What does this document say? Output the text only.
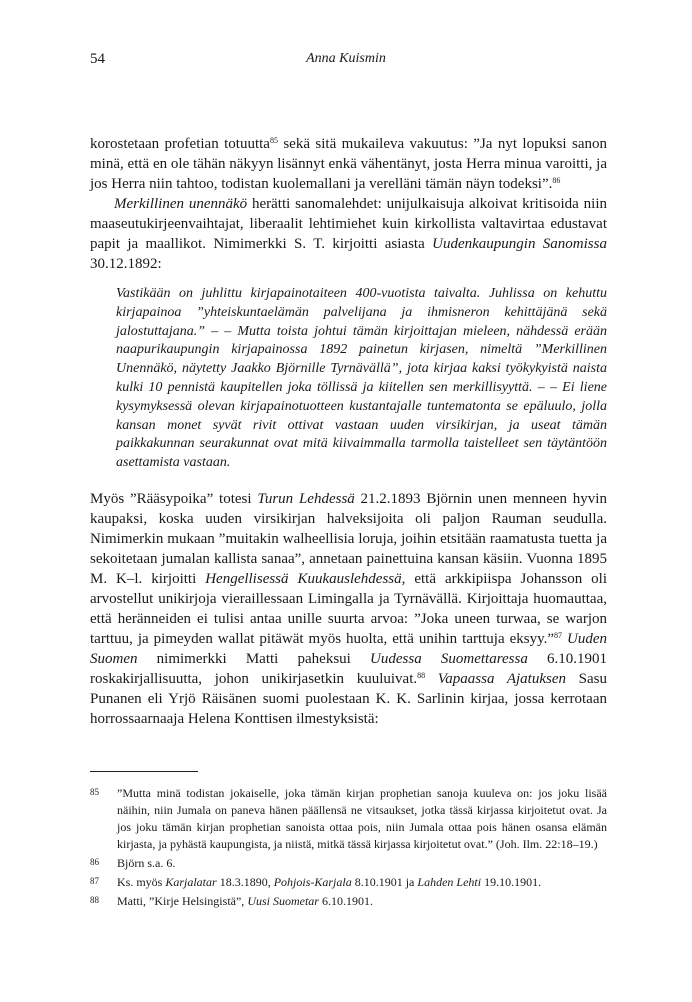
54	Anna Kuismin

korostetaan profetian totuutta$^{85}$ sekä sitä mukaileva vakuutus: ”Ja nyt lopuksi sanon minä, että en ole tähän näkyyn lisännyt enkä vähentänyt, josta Herra minua varoitti, ja jos Herra niin tahtoo, todistan kuolemallani ja verelläni tämän näyn todeksi”.$^{86}$

Merkillinen unennäkö herätti sanomalehdet: unijulkaisuja alkoivat kritisoida niin maaseutukirjeenvaihtajat, liberaalit lehtimiehet kuin kirkollista valtavirtaa edustavat papit ja maallikot. Nimimerkki S. T. kirjoitti asiasta Uudenkaupungin Sanomissa 30.12.1892:

Vastikään on juhlittu kirjapainotaiteen 400-vuotista taivalta. Juhlissa on kehuttu kirjapainoa ”yhteiskuntaelämän palvelijana ja ihmisneron kehittäjänä sekä jalostuttajana.” – – Mutta toista johtui tämän kirjoittajan mieleen, nähdessä erään naapurikaupungin kirjapainossa 1892 painetun kirjasen, nimeltä ”Merkillinen Unennäkö, näytetty Jaakko Björnille Tyrnävällä”, jota kirjaa kaksi työkykyistä naista kulki 10 pennistä kaupitellen joka töllissä ja kiitellen sen merkillisyyttä. – – Ei liene kysymyksessä olevan kirjapainotuotteen kustantajalle tuntematonta se epäluulo, jolla kansan monet syvät rivit ottivat vastaan uuden virsikirjan, ja useat tämän paikkakunnan seurakunnat ovat mitä kiivaimmalla tarmolla taistelleet sen täytäntöön asettamista vastaan.

Myös ”Rääsypoika” totesi Turun Lehdessä 21.2.1893 Björnin unen menneen hyvin kaupaksi, koska uuden virsikirjan halveksijoita oli paljon Rauman seudulla. Nimimerkin mukaan ”muitakin walheellisia loruja, joihin etsitään raamatusta tuetta ja sekoitetaan jumalan kallista sanaa”, annetaan painettuina kansan käsiin. Vuonna 1895 M. K–l. kirjoitti Hengellisessä Kuukauslehdessä, että arkkipiispa Johansson oli arvostellut unikirjoja vieraillessaan Limingalla ja Tyrnävällä. Kirjoittaja huomauttaa, että heränneiden ei tulisi antaa unille suurta arvoa: ”Joka uneen turwaa, se warjon tarttuu, ja pimeyden wallat pitäwät myös huolta, että unihin tarttuja eksyy.”$^{87}$ Uuden Suomen nimimerkki Matti paheksui Uudessa Suomettaressa 6.10.1901 roskakirjallisuutta, johon unikirjasetkin kuuluivat.$^{88}$ Vapaassa Ajatuksen Sasu Punanen eli Yrjö Räisänen suomi puolestaan K. K. Sarlinin kirjaa, jossa kerrotaan horrossaarnaaja Helena Konttisen ilmestyksistä:

85	”Mutta minä todistan jokaiselle, joka tämän kirjan prophetian sanoja kuuleva on: jos joku lisää näihin, niin Jumala on paneva hänen päällensä ne vitsaukset, jotka tässä kirjassa kirjoitetut ovat. Ja jos joku tämän kirjan prophetian sanoista ottaa pois, niin Jumala ottaa pois hänen osansa elämän kirjasta, ja pyhästä kaupungista, ja niistä, mitkä tässä kirjassa kirjoitetut ovat.” (Joh. Ilm. 22:18–19.)
86	Björn s.a. 6.
87	Ks. myös Karjalatar 18.3.1890, Pohjois-Karjala 8.10.1901 ja Lahden Lehti 19.10.1901.
88	Matti, ”Kirje Helsingistä”, Uusi Suometar 6.10.1901.
